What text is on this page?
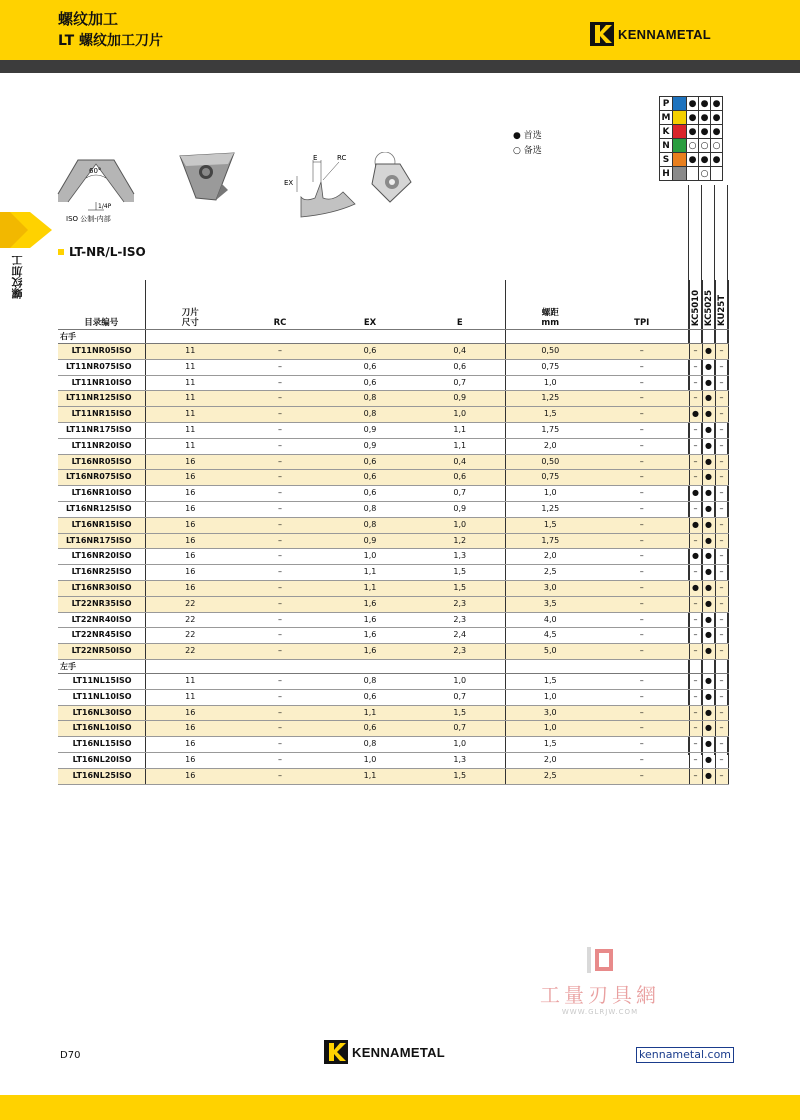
螺纹加工
LT 螺纹加工刀片	KENNAMETAL
螺纹加工
60°
1/4P
ISO 公制-内部
E	RC
EX
● 首选
○ 备选
P		●	●	●
M		●	●	●
K		●	●	●
N		○	○	○
S		●	●	●
H			○	
LT-NR/L-ISO
目录编号	刀片
尺寸	RC	EX	E	螺距
mm	TPI	KC5010	KC5025	KU25T
右手									
LT11NR05ISO	11	–	0,6	0,4	0,50	–	–	●	–
LT11NR075ISO	11	–	0,6	0,6	0,75	–	–	●	–
LT11NR10ISO	11	–	0,6	0,7	1,0	–	–	●	–
LT11NR125ISO	11	–	0,8	0,9	1,25	–	–	●	–
LT11NR15ISO	11	–	0,8	1,0	1,5	–	●	●	–
LT11NR175ISO	11	–	0,9	1,1	1,75	–	–	●	–
LT11NR20ISO	11	–	0,9	1,1	2,0	–	–	●	–
LT16NR05ISO	16	–	0,6	0,4	0,50	–	–	●	–
LT16NR075ISO	16	–	0,6	0,6	0,75	–	–	●	–
LT16NR10ISO	16	–	0,6	0,7	1,0	–	●	●	–
LT16NR125ISO	16	–	0,8	0,9	1,25	–	–	●	–
LT16NR15ISO	16	–	0,8	1,0	1,5	–	●	●	–
LT16NR175ISO	16	–	0,9	1,2	1,75	–	–	●	–
LT16NR20ISO	16	–	1,0	1,3	2,0	–	●	●	–
LT16NR25ISO	16	–	1,1	1,5	2,5	–	–	●	–
LT16NR30ISO	16	–	1,1	1,5	3,0	–	●	●	–
LT22NR35ISO	22	–	1,6	2,3	3,5	–	–	●	–
LT22NR40ISO	22	–	1,6	2,3	4,0	–	–	●	–
LT22NR45ISO	22	–	1,6	2,4	4,5	–	–	●	–
LT22NR50ISO	22	–	1,6	2,3	5,0	–	–	●	–
左手									
LT11NL15ISO	11	–	0,8	1,0	1,5	–	–	●	–
LT11NL10ISO	11	–	0,6	0,7	1,0	–	–	●	–
LT16NL30ISO	16	–	1,1	1,5	3,0	–	–	●	–
LT16NL10ISO	16	–	0,6	0,7	1,0	–	–	●	–
LT16NL15ISO	16	–	0,8	1,0	1,5	–	–	●	–
LT16NL20ISO	16	–	1,0	1,3	2,0	–	–	●	–
LT16NL25ISO	16	–	1,1	1,5	2,5	–	–	●	–
工量刃具網
WWW.GLRJW.COM
D70	KENNAMETAL	kennametal.com
